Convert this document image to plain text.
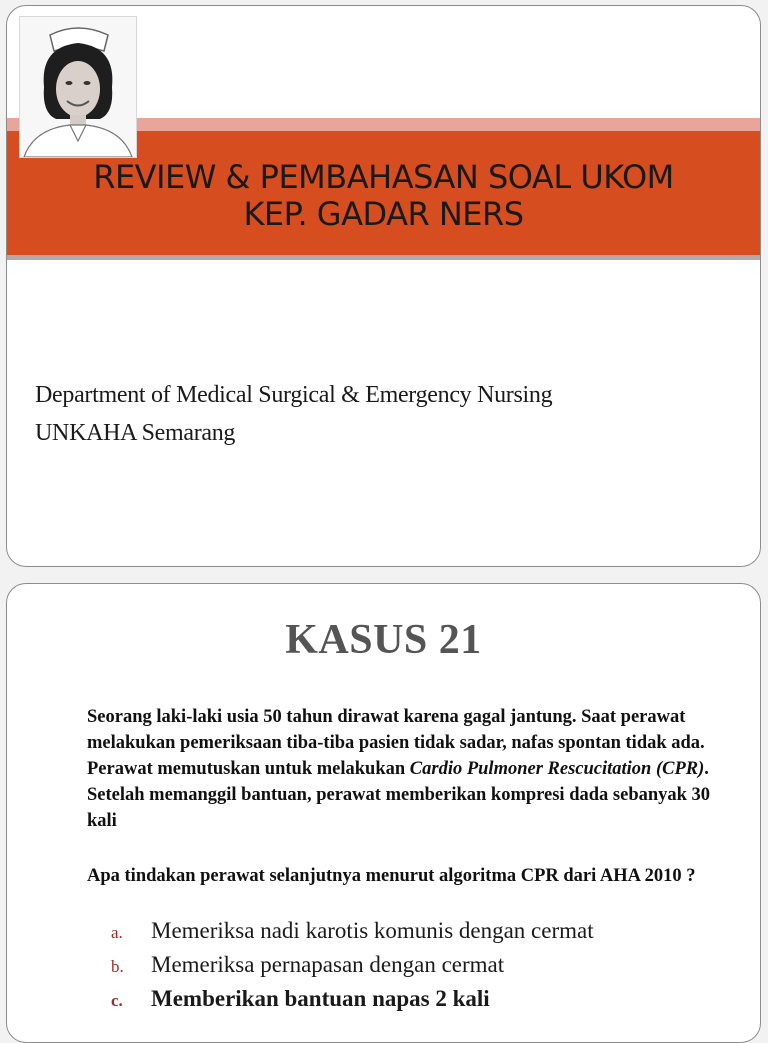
REVIEW & PEMBAHASAN SOAL UKOM
KEP. GADAR NERS
Department of Medical Surgical & Emergency Nursing
UNKAHA Semarang
KASUS 21
Seorang laki-laki usia 50 tahun dirawat karena gagal jantung. Saat perawat melakukan pemeriksaan tiba-tiba pasien tidak sadar, nafas spontan tidak ada. Perawat memutuskan untuk melakukan Cardio Pulmoner Rescucitation (CPR). Setelah memanggil bantuan, perawat memberikan kompresi dada sebanyak 30 kali
Apa tindakan perawat selanjutnya menurut algoritma CPR dari AHA 2010 ?
a.	Memeriksa nadi karotis komunis dengan cermat
b.	Memeriksa pernapasan dengan cermat
c.	Memberikan bantuan napas 2 kali
